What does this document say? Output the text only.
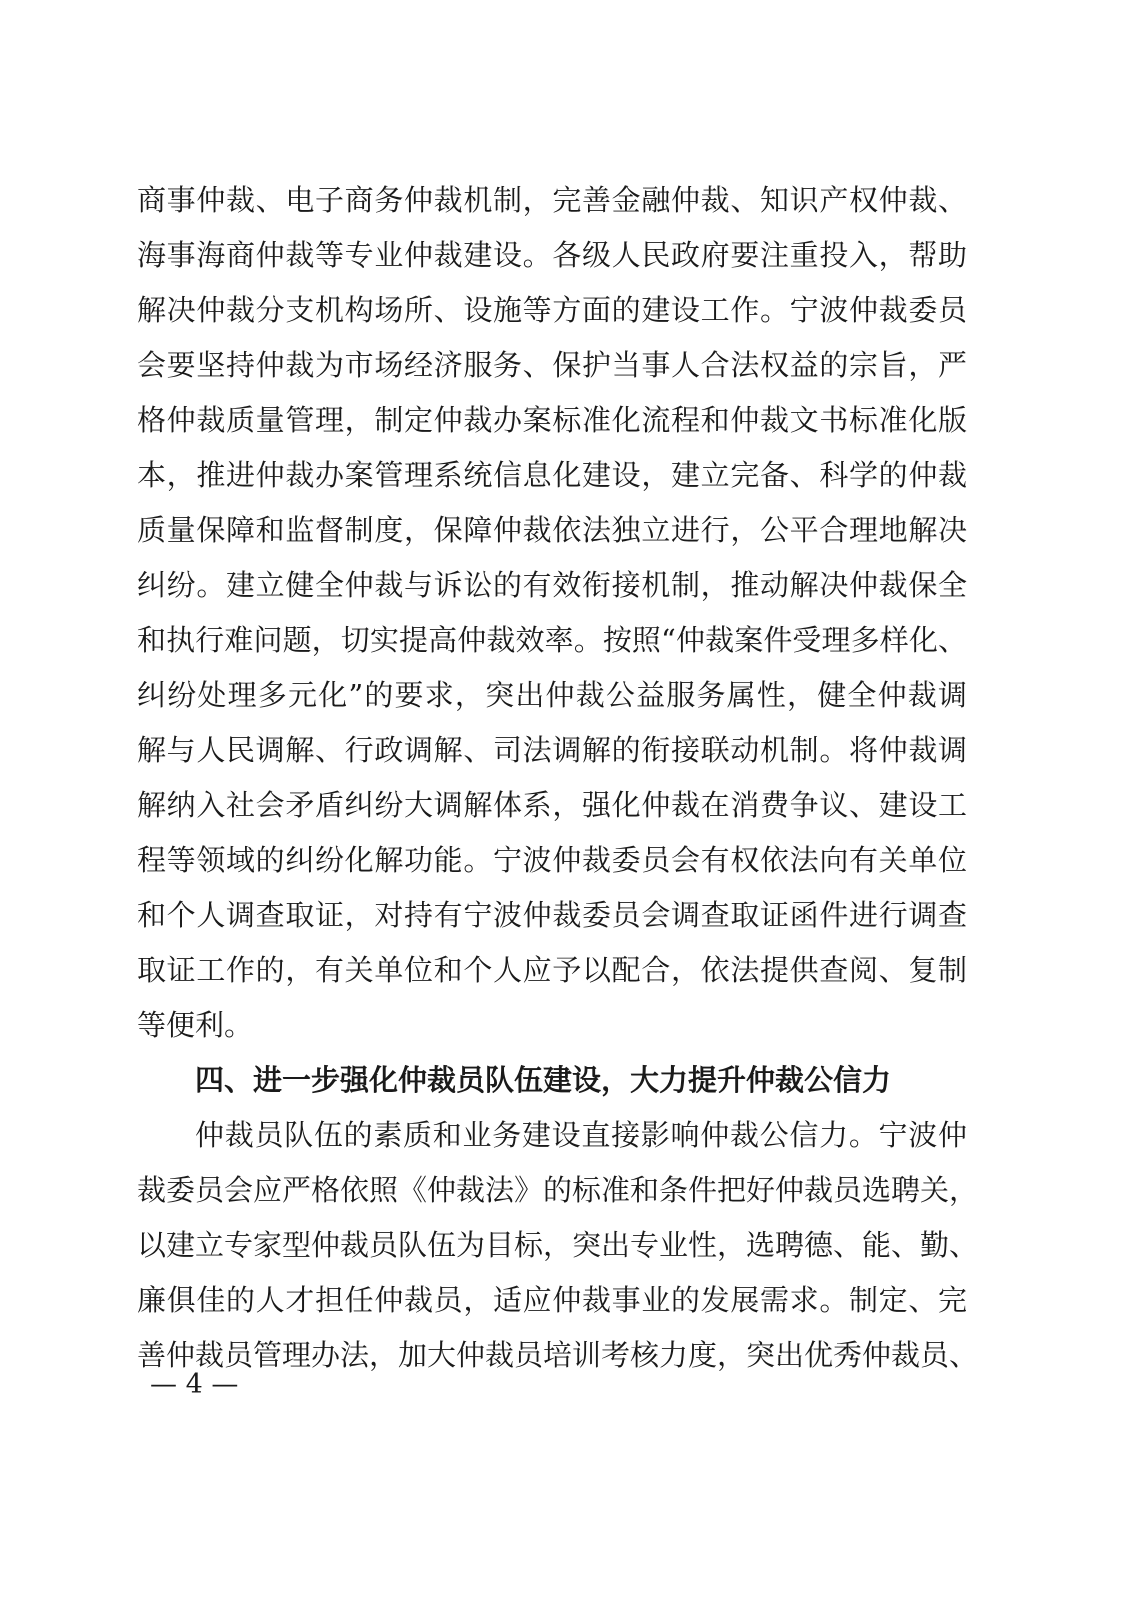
商事仲裁、电子商务仲裁机制，完善金融仲裁、知识产权仲裁、
海事海商仲裁等专业仲裁建设。各级人民政府要注重投入，帮助
解决仲裁分支机构场所、设施等方面的建设工作。宁波仲裁委员
会要坚持仲裁为市场经济服务、保护当事人合法权益的宗旨，严
格仲裁质量管理，制定仲裁办案标准化流程和仲裁文书标准化版
本，推进仲裁办案管理系统信息化建设，建立完备、科学的仲裁
质量保障和监督制度，保障仲裁依法独立进行，公平合理地解决
纠纷。建立健全仲裁与诉讼的有效衔接机制，推动解决仲裁保全
和执行难问题，切实提高仲裁效率。按照“仲裁案件受理多样化、
纠纷处理多元化”的要求，突出仲裁公益服务属性，健全仲裁调
解与人民调解、行政调解、司法调解的衔接联动机制。将仲裁调
解纳入社会矛盾纠纷大调解体系，强化仲裁在消费争议、建设工
程等领域的纠纷化解功能。宁波仲裁委员会有权依法向有关单位
和个人调查取证，对持有宁波仲裁委员会调查取证函件进行调查
取证工作的，有关单位和个人应予以配合，依法提供查阅、复制
等便利。
四、进一步强化仲裁员队伍建设，大力提升仲裁公信力
仲裁员队伍的素质和业务建设直接影响仲裁公信力。宁波仲
裁委员会应严格依照《仲裁法》的标准和条件把好仲裁员选聘关，
以建立专家型仲裁员队伍为目标，突出专业性，选聘德、能、勤、
廉俱佳的人才担任仲裁员，适应仲裁事业的发展需求。制定、完
善仲裁员管理办法，加大仲裁员培训考核力度，突出优秀仲裁员、
— 4 —
